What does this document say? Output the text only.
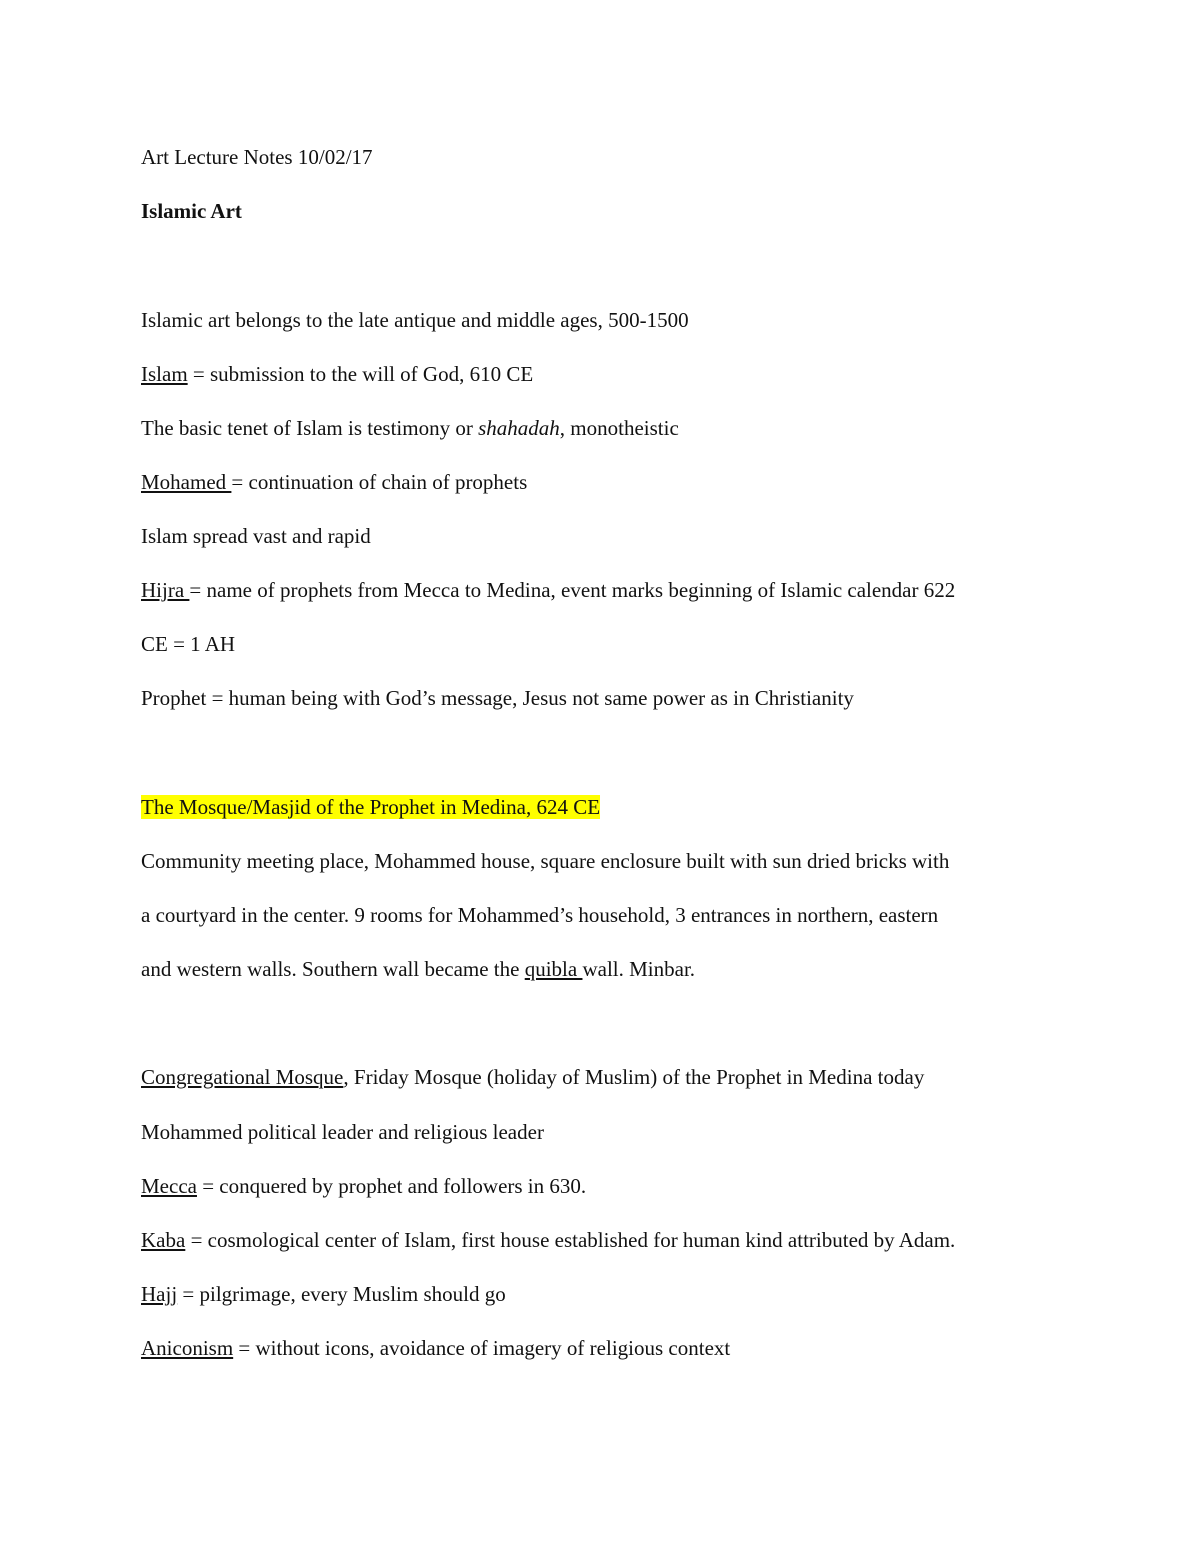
Art Lecture Notes 10/02/17
Islamic Art
Islamic art belongs to the late antique and middle ages, 500-1500
Islam = submission to the will of God, 610 CE
The basic tenet of Islam is testimony or shahadah, monotheistic
Mohamed = continuation of chain of prophets
Islam spread vast and rapid
Hijra = name of prophets from Mecca to Medina, event marks beginning of Islamic calendar 622
CE = 1 AH
Prophet = human being with God’s message, Jesus not same power as in Christianity
The Mosque/Masjid of the Prophet in Medina, 624 CE
Community meeting place, Mohammed house, square enclosure built with sun dried bricks with
a courtyard in the center. 9 rooms for Mohammed’s household, 3 entrances in northern, eastern
and western walls. Southern wall became the quibla wall. Minbar.
Congregational Mosque, Friday Mosque (holiday of Muslim) of the Prophet in Medina today
Mohammed political leader and religious leader
Mecca = conquered by prophet and followers in 630.
Kaba = cosmological center of Islam, first house established for human kind attributed by Adam.
Hajj = pilgrimage, every Muslim should go
Aniconism = without icons, avoidance of imagery of religious context
